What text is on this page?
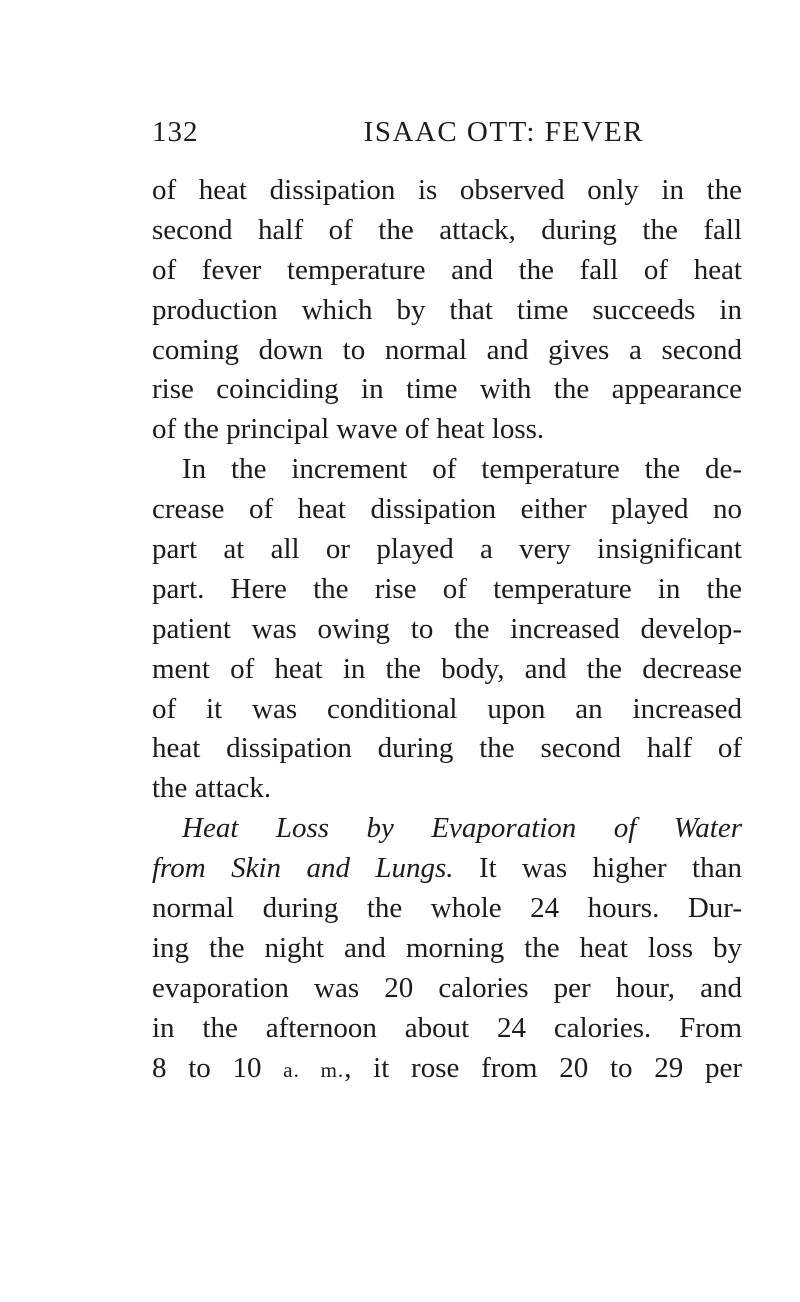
132	ISAAC OTT: FEVER
of heat dissipation is observed only in the
second half of the attack, during the fall
of fever temperature and the fall of heat
production which by that time succeeds in
coming down to normal and gives a second
rise coinciding in time with the appearance
of the principal wave of heat loss.
In the increment of temperature the de-
crease of heat dissipation either played no
part at all or played a very insignificant
part. Here the rise of temperature in the
patient was owing to the increased develop-
ment of heat in the body, and the decrease
of it was conditional upon an increased
heat dissipation during the second half of
the attack.
Heat Loss by Evaporation of Water
from Skin and Lungs. It was higher than
normal during the whole 24 hours. Dur-
ing the night and morning the heat loss by
evaporation was 20 calories per hour, and
in the afternoon about 24 calories. From
8 to 10 a. m., it rose from 20 to 29 per
